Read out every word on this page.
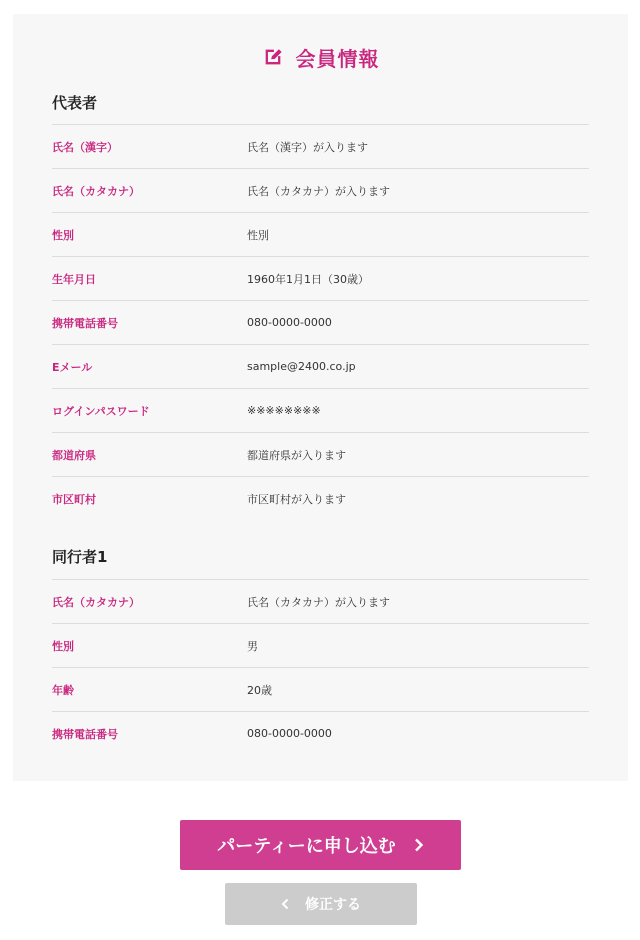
会員情報
代表者
氏名（漢字）	氏名（漢字）が入ります
氏名（カタカナ）	氏名（カタカナ）が入ります
性別	性別
生年月日	1960年1月1日（30歳）
携帯電話番号	080-0000-0000
Eメール	sample@2400.co.jp
ログインパスワード	※※※※※※※※
都道府県	都道府県が入ります
市区町村	市区町村が入ります
同行者1
氏名（カタカナ）	氏名（カタカナ）が入ります
性別	男
年齢	20歳
携帯電話番号	080-0000-0000
パーティーに申し込む
修正する
